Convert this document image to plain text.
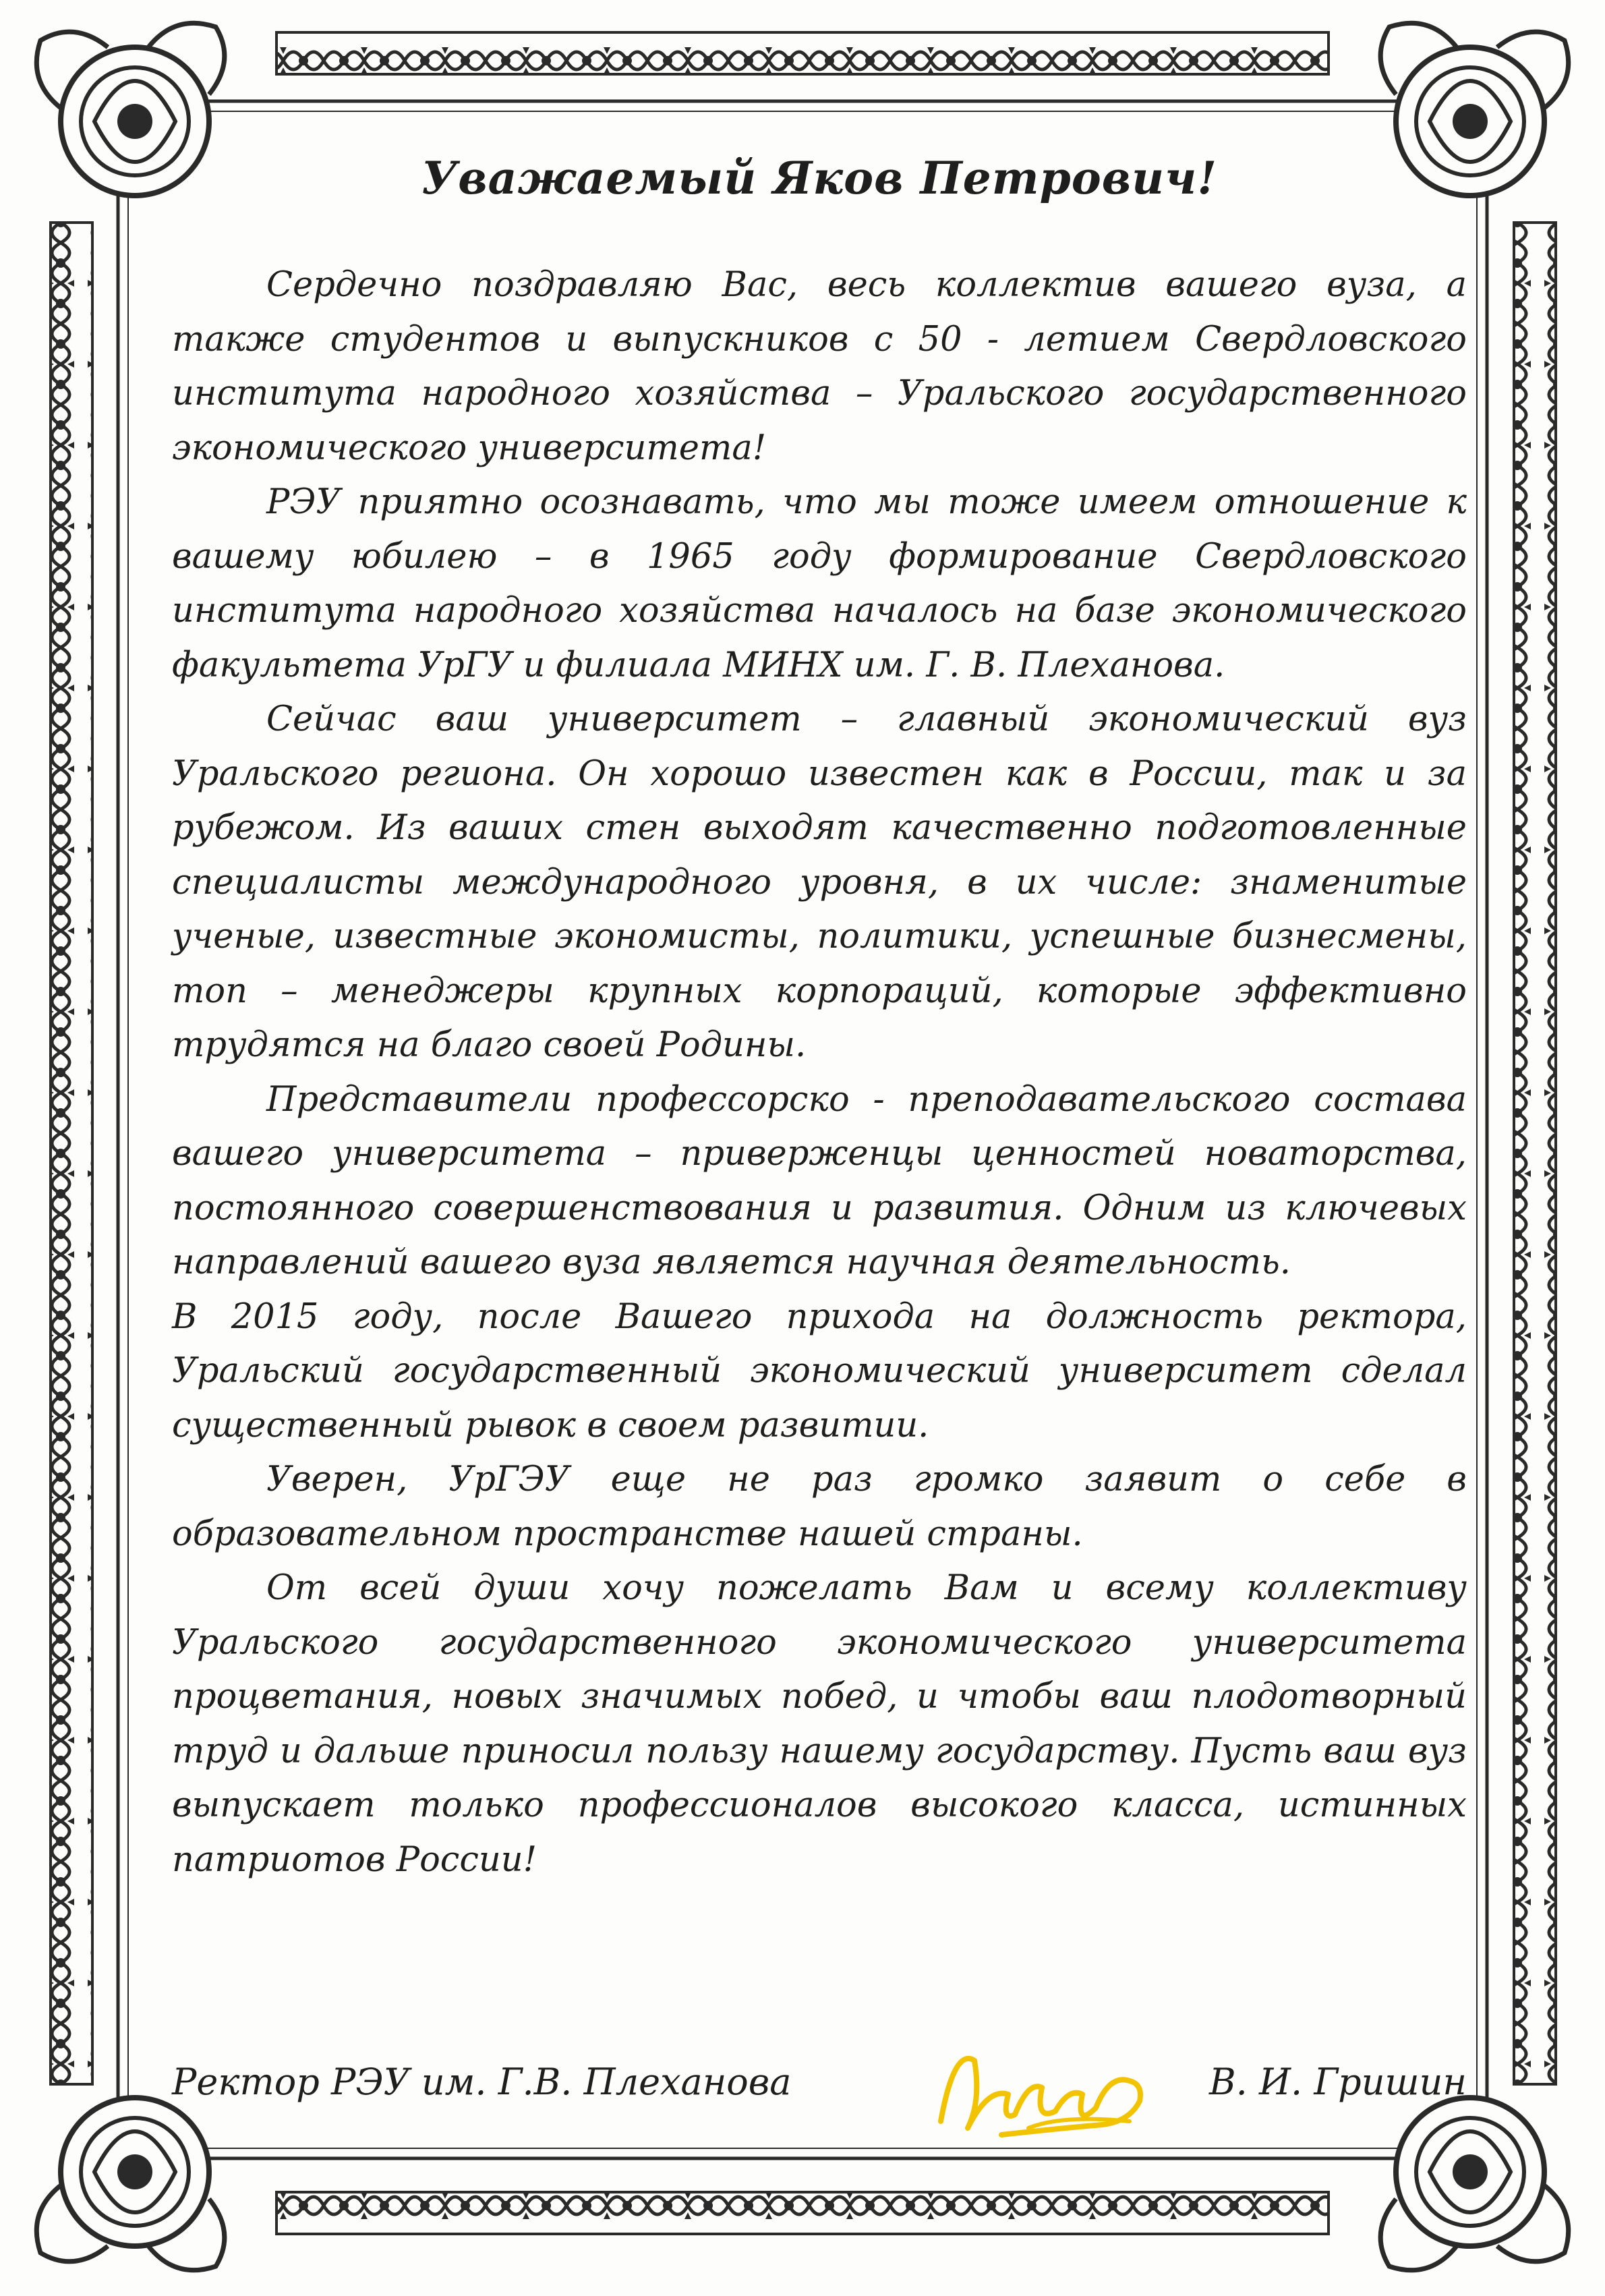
Уважаемый Яков Петрович!

Сердечно поздравляю Вас, весь коллектив вашего вуза, а также студентов и выпускников с 50 - летием Свердловского института народного хозяйства – Уральского государственного экономического университета!

РЭУ приятно осознавать, что мы тоже имеем отношение к вашему юбилею – в 1965 году формирование Свердловского института народного хозяйства началось на базе экономического факультета УрГУ и филиала МИНХ им. Г. В. Плеханова.

Сейчас ваш университет – главный экономический вуз Уральского региона. Он хорошо известен как в России, так и за рубежом. Из ваших стен выходят качественно подготовленные специалисты международного уровня, в их числе: знаменитые ученые, известные экономисты, политики, успешные бизнесмены, топ – менеджеры крупных корпораций, которые эффективно трудятся на благо своей Родины.

Представители профессорско - преподавательского состава вашего университета – приверженцы ценностей новаторства, постоянного совершенствования и развития. Одним из ключевых направлений вашего вуза является научная деятельность.

В 2015 году, после Вашего прихода на должность ректора, Уральский государственный экономический университет сделал существенный рывок в своем развитии.

Уверен, УрГЭУ еще не раз громко заявит о себе в образовательном пространстве нашей страны.

От всей души хочу пожелать Вам и всему коллективу Уральского государственного экономического университета процветания, новых значимых побед, и чтобы ваш плодотворный труд и дальше приносил пользу нашему государству. Пусть ваш вуз выпускает только профессионалов высокого класса, истинных патриотов России!

Ректор РЭУ им. Г.В. Плеханова	В. И. Гришин
